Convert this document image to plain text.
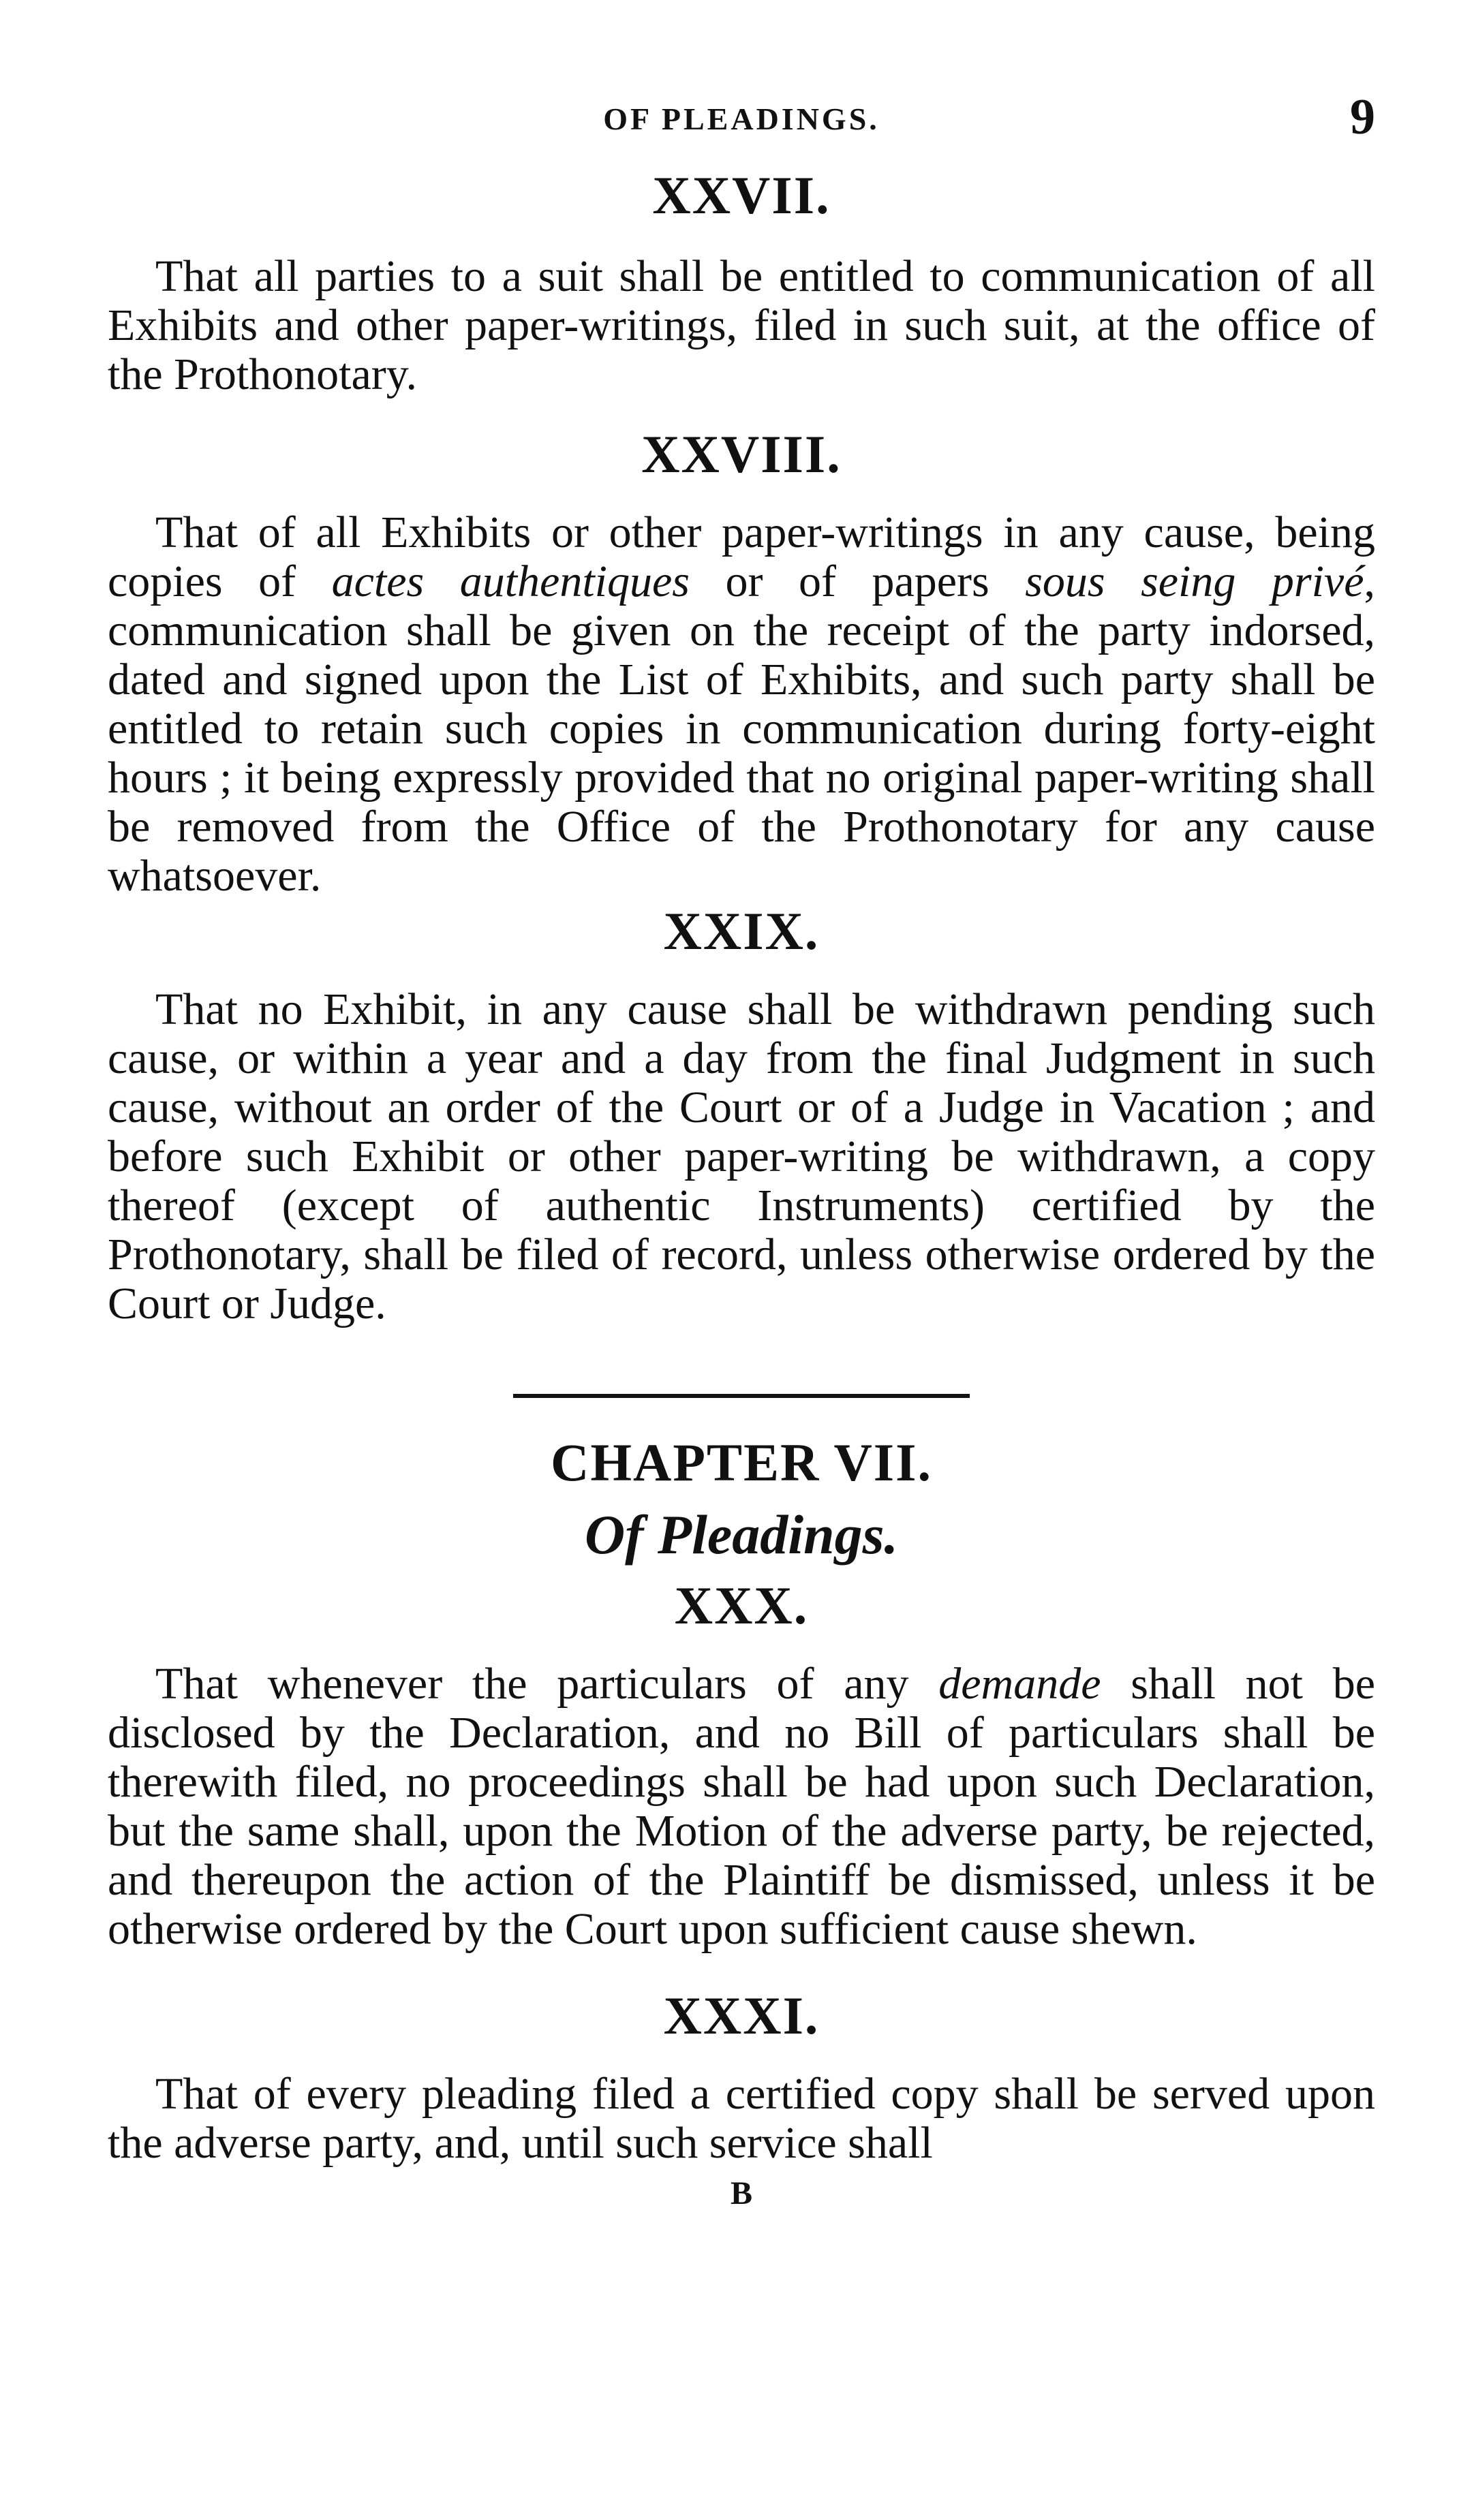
OF PLEADINGS.	9
XXVII.

That all parties to a suit shall be entitled to communication of all Exhibits and other paper-writings, filed in such suit, at the office of the Prothonotary.

XXVIII.

That of all Exhibits or other paper-writings in any cause, being copies of actes authentiques or of papers sous seing privé, communication shall be given on the receipt of the party indorsed, dated and signed upon the List of Exhibits, and such party shall be entitled to retain such copies in communication during forty-eight hours ; it being expressly provided that no original paper-writing shall be removed from the Office of the Prothonotary for any cause whatsoever.

XXIX.

That no Exhibit, in any cause shall be withdrawn pending such cause, or within a year and a day from the final Judgment in such cause, without an order of the Court or of a Judge in Vacation ; and before such Exhibit or other paper-writing be withdrawn, a copy thereof (except of authentic Instruments) certified by the Prothonotary, shall be filed of record, unless otherwise ordered by the Court or Judge.

CHAPTER VII.
Of Pleadings.
XXX.

That whenever the particulars of any demande shall not be disclosed by the Declaration, and no Bill of particulars shall be therewith filed, no proceedings shall be had upon such Declaration, but the same shall, upon the Motion of the adverse party, be rejected, and thereupon the action of the Plaintiff be dismissed, unless it be otherwise ordered by the Court upon sufficient cause shewn.

XXXI.

That of every pleading filed a certified copy shall be served upon the adverse party, and, until such service shall

B
